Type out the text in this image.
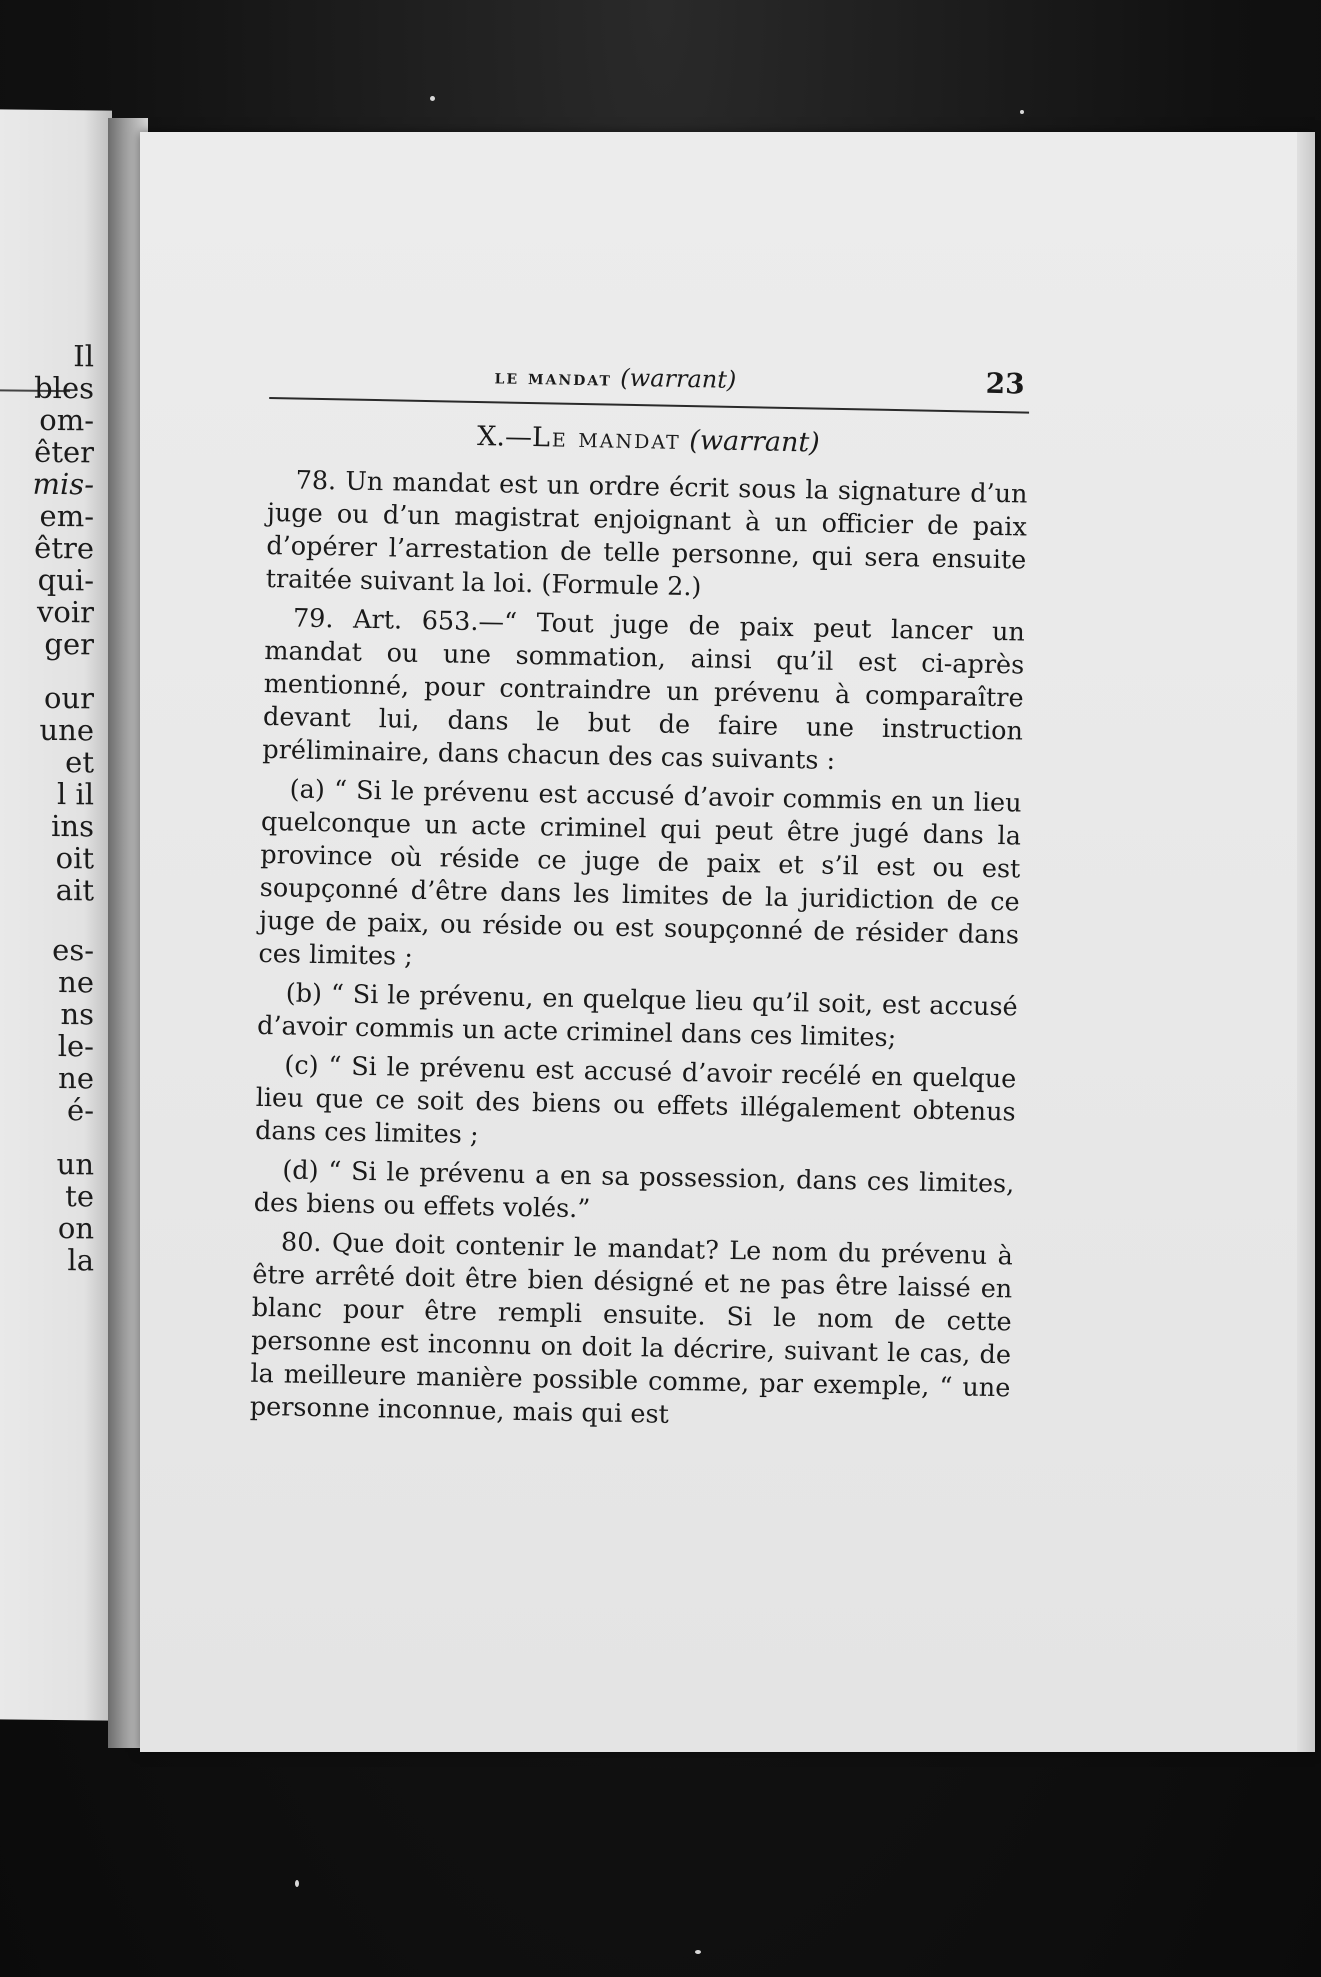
Il

bles

om-

êter

mis-

em-

être

qui-

voir

ger

our

une

et

l il

ins

oit

ait

es-

ne

ns

le-

ne

é-

un

te

on

la

le mandat (warrant)	23
X.—Le mandat (warrant)

78. Un mandat est un ordre écrit sous la signature d’un juge ou d’un magistrat enjoignant à un officier de paix d’opérer l’arrestation de telle personne, qui sera ensuite traitée suivant la loi. (Formule 2.)

79. Art. 653.—“ Tout juge de paix peut lancer un mandat ou une sommation, ainsi qu’il est ci-après mentionné, pour contraindre un prévenu à comparaître devant lui, dans le but de faire une instruction préliminaire, dans chacun des cas suivants :

(a) “ Si le prévenu est accusé d’avoir commis en un lieu quelconque un acte criminel qui peut être jugé dans la province où réside ce juge de paix et s’il est ou est soupçonné d’être dans les limites de la juridiction de ce juge de paix, ou réside ou est soupçonné de résider dans ces limites ;

(b) “ Si le prévenu, en quelque lieu qu’il soit, est accusé d’avoir commis un acte criminel dans ces limites;

(c) “ Si le prévenu est accusé d’avoir recélé en quelque lieu que ce soit des biens ou effets illégalement obtenus dans ces limites ;

(d) “ Si le prévenu a en sa possession, dans ces limites, des biens ou effets volés.”

80. Que doit contenir le mandat? Le nom du prévenu à être arrêté doit être bien désigné et ne pas être laissé en blanc pour être rempli ensuite. Si le nom de cette personne est inconnu on doit la décrire, suivant le cas, de la meilleure manière possible comme, par exemple, “ une personne inconnue, mais qui est
